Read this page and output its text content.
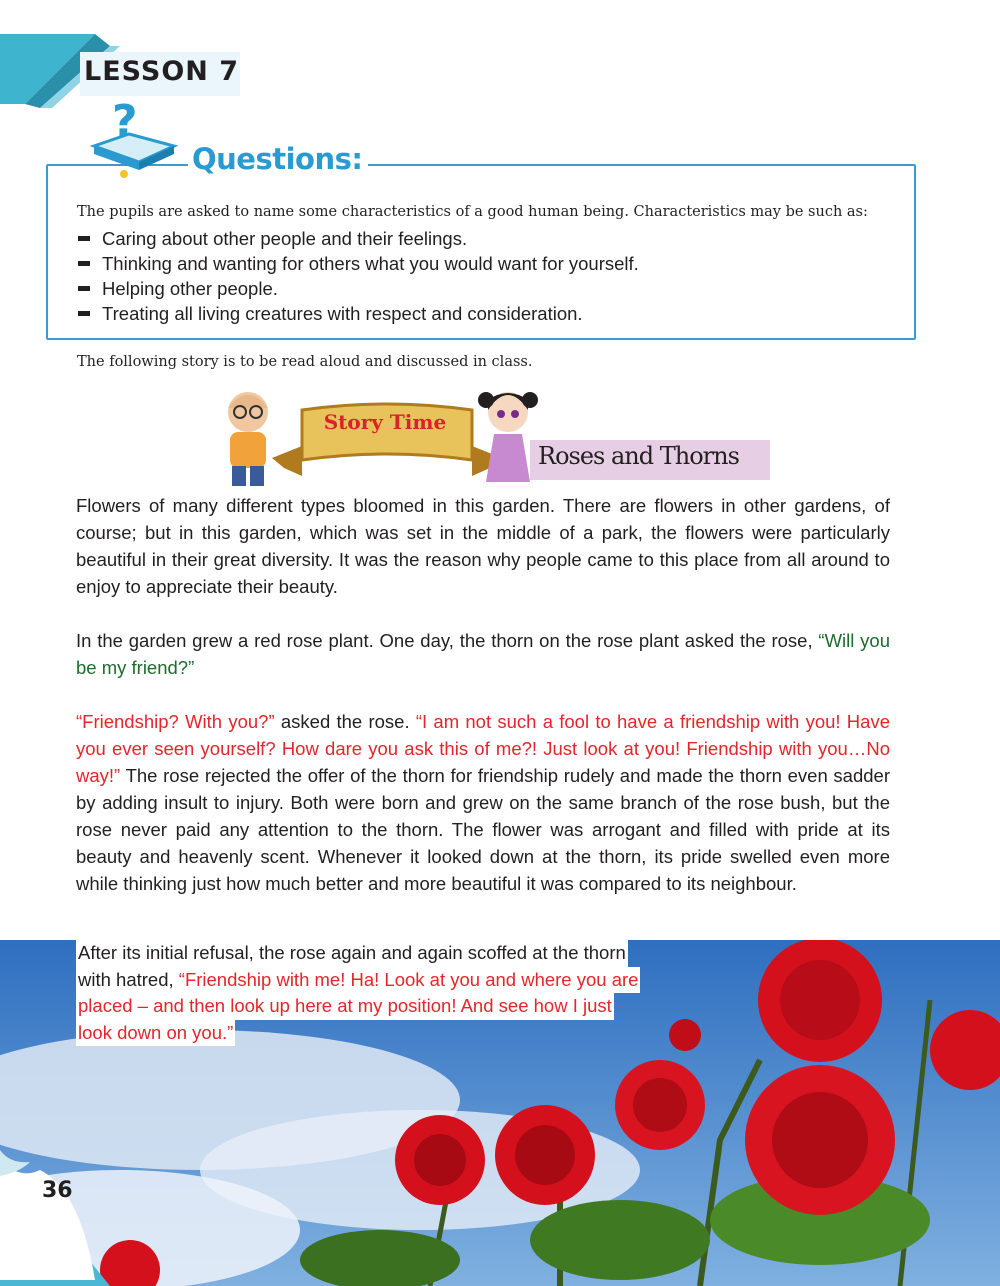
LESSON 7
?
Questions:
The pupils are asked to name some characteristics of a good human being. Characteristics may be such as:
Caring about other people and their feelings.
Thinking and wanting for others what you would want for yourself.
Helping other people.
Treating all living creatures with respect and consideration.
The following story is to be read aloud and discussed in class.
Story Time
Roses and Thorns
Flowers of many different types bloomed in this garden. There are flowers in other gardens, of course; but in this garden, which was set in the middle of a park, the flowers were particularly beautiful in their great diversity. It was the reason why people came to this place from all around to enjoy to appreciate their beauty.
In the garden grew a red rose plant. One day, the thorn on the rose plant asked the rose, “Will you be my friend?”
“Friendship? With you?” asked the rose. “I am not such a fool to have a friendship with you! Have you ever seen yourself? How dare you ask this of me?! Just look at you! Friendship with you…No way!” The rose rejected the offer of the thorn for friendship rudely and made the thorn even sadder by adding insult to injury. Both were born and grew on the same branch of the rose bush, but the rose never paid any attention to the thorn. The flower was arrogant and filled with pride at its beauty and heavenly scent. Whenever it looked down at the thorn, its pride swelled even more while thinking just how much better and more beautiful it was compared to its neighbour.
After its initial refusal, the rose again and again scoffed at the thorn
with hatred, “Friendship with me! Ha! Look at you and where you are
placed – and then look up here at my position! And see how I just
look down on you.”
36
